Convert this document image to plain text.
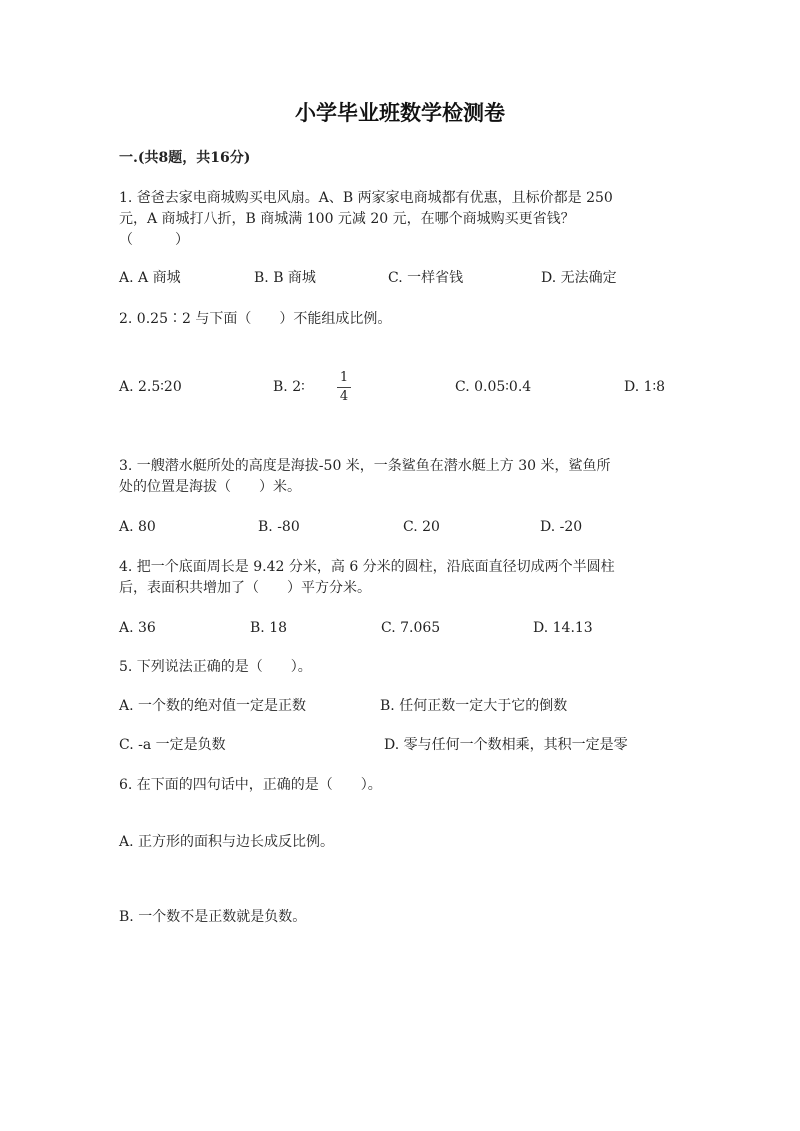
小学毕业班数学检测卷
一.(共8题，共16分)
1. 爸爸去家电商城购买电风扇。A、B 两家家电商城都有优惠，且标价都是 250
元，A 商城打八折，B 商城满 100 元减 20 元，在哪个商城购买更省钱？
（　　　）
A. A 商城	B. B 商城	C. 一样省钱	D. 无法确定
2. 0.25∶2 与下面（　　）不能组成比例。
A. 2.5∶20	B. 2∶
1
4
C. 0.05∶0.4	D. 1∶8
3. 一艘潜水艇所处的高度是海拔-50 米，一条鲨鱼在潜水艇上方 30 米，鲨鱼所
处的位置是海拔（　　）米。
A. 80	B. -80	C. 20	D. -20
4. 把一个底面周长是 9.42 分米，高 6 分米的圆柱，沿底面直径切成两个半圆柱
后，表面积共增加了（　　）平方分米。
A. 36	B. 18	C. 7.065	D. 14.13
5. 下列说法正确的是（　　）。
A. 一个数的绝对值一定是正数	B. 任何正数一定大于它的倒数
C. -a 一定是负数	D. 零与任何一个数相乘，其积一定是零
6. 在下面的四句话中，正确的是（　　）。
A. 正方形的面积与边长成反比例。
B. 一个数不是正数就是负数。
